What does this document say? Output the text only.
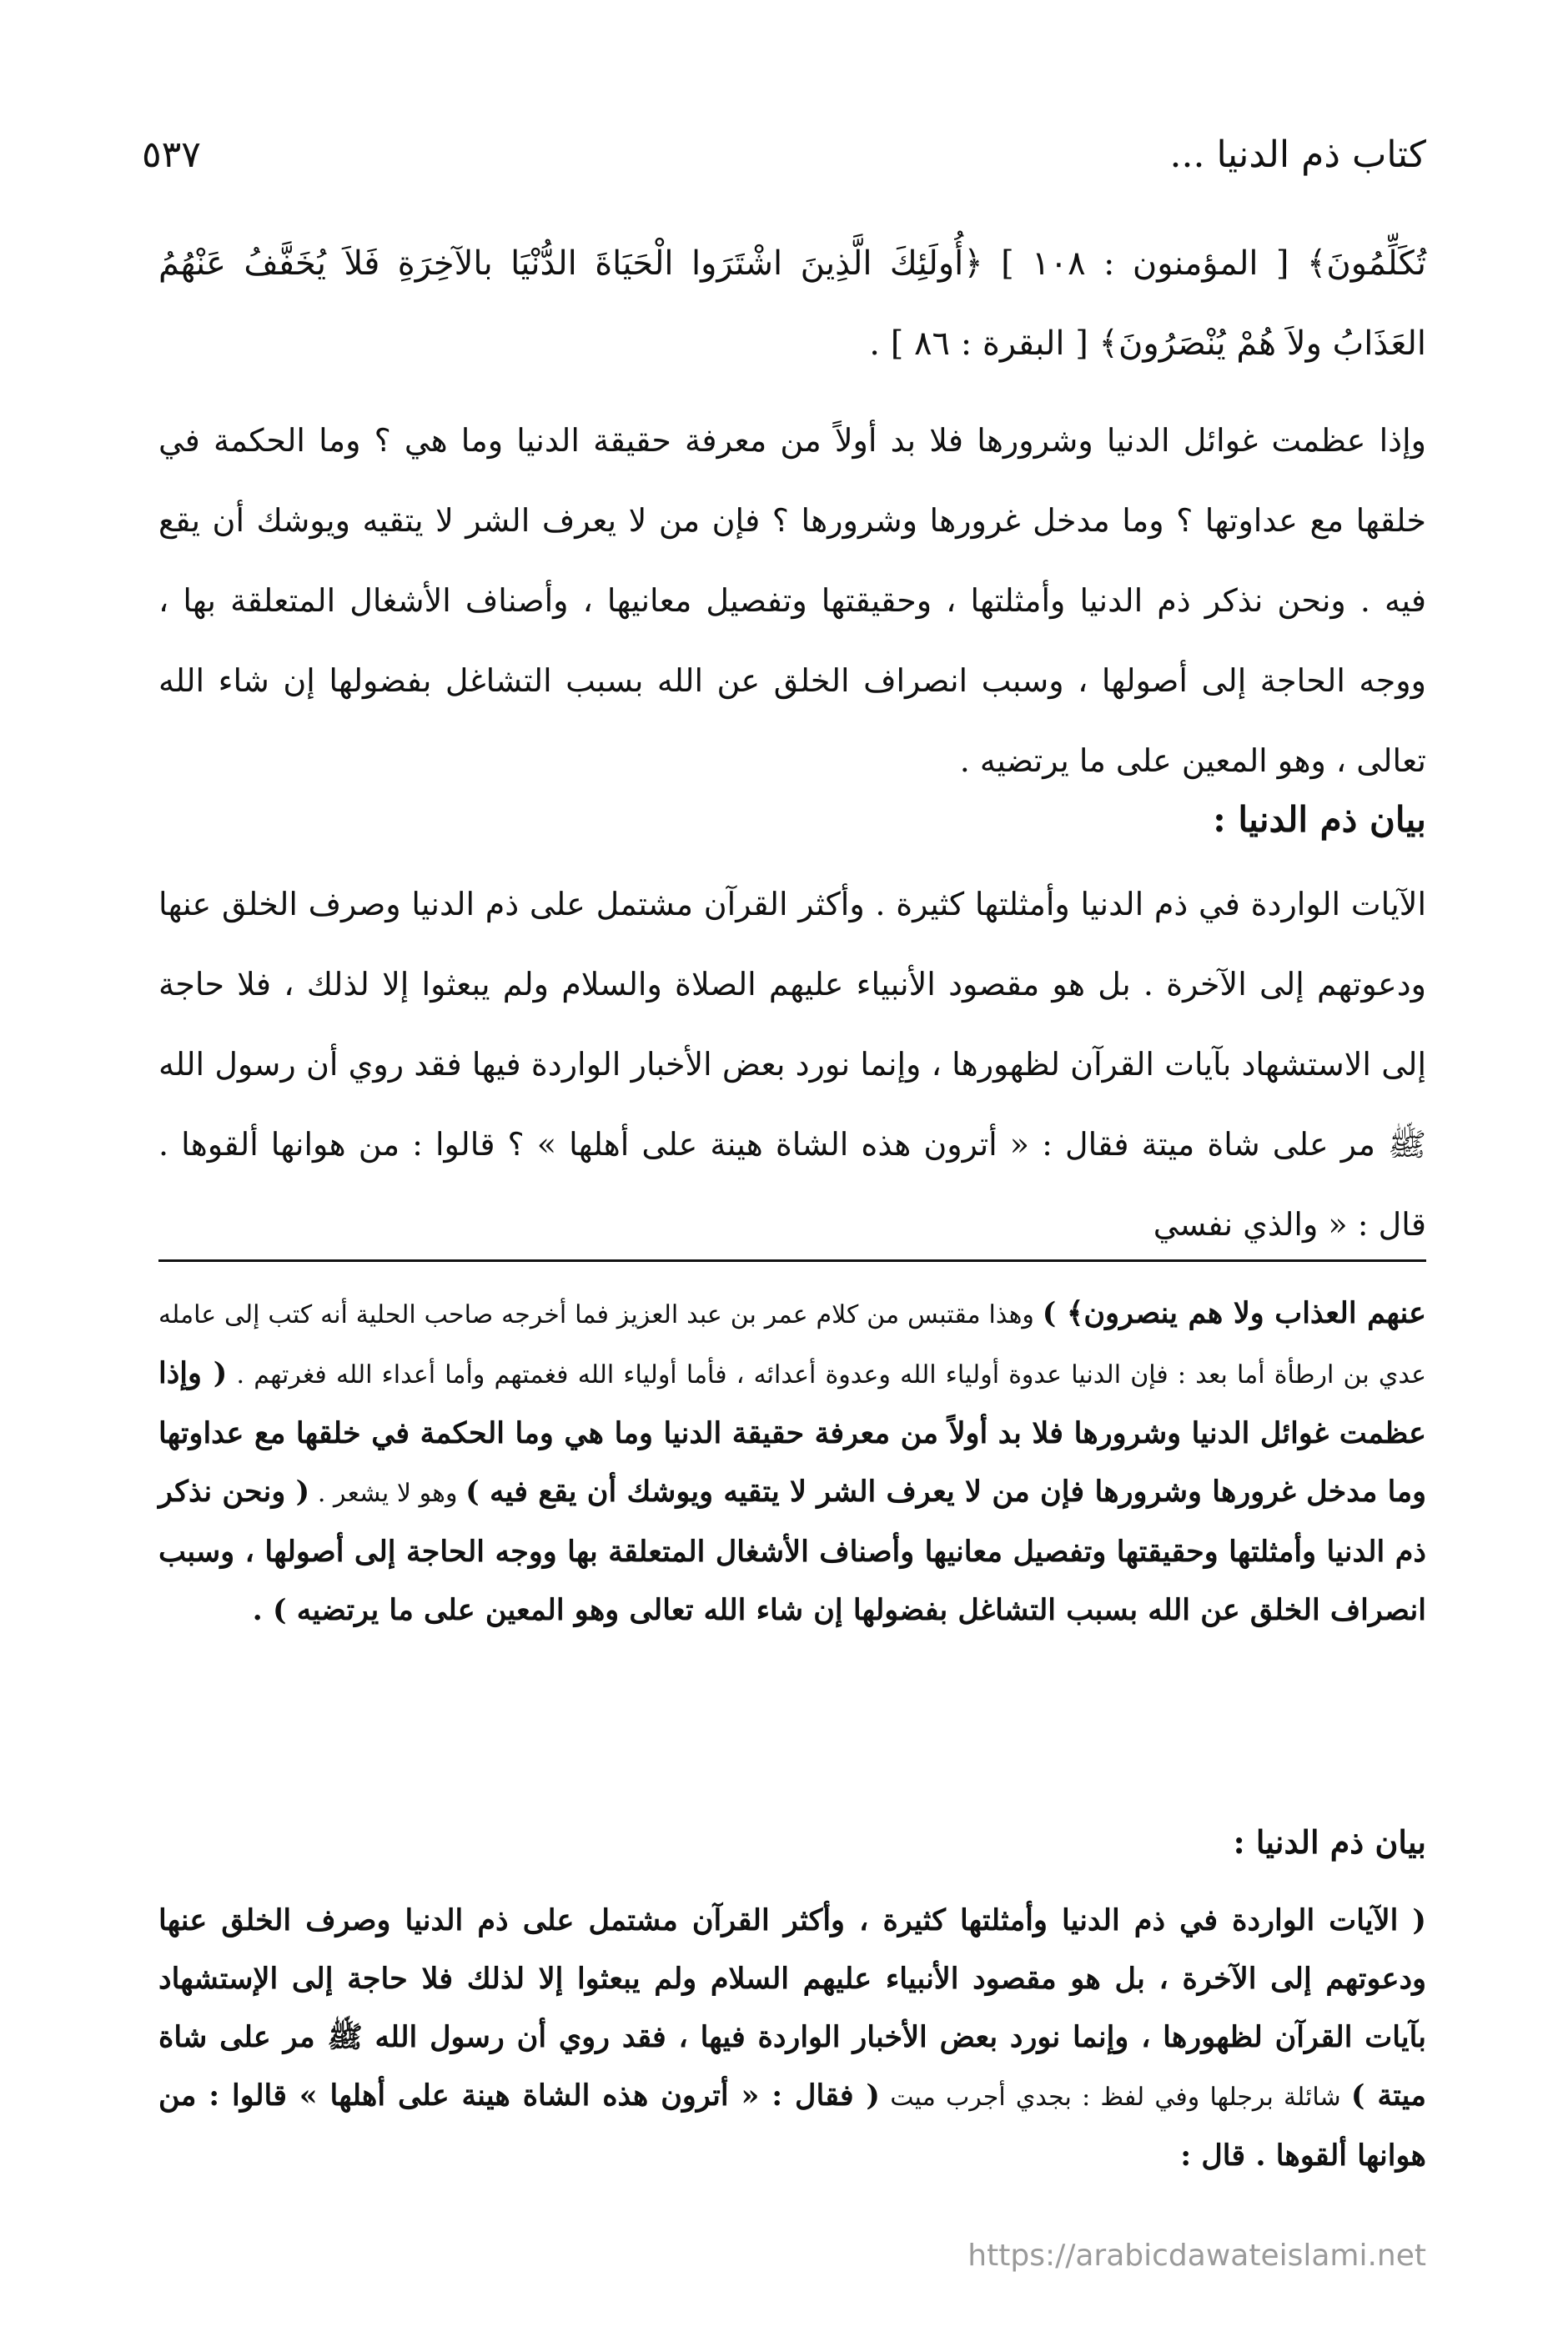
كتاب ذم الدنيا ...
٥٣٧

تُكَلِّمُونَ﴾ [ المؤمنون : ١٠٨ ] ﴿أُولَئِكَ الَّذِينَ اشْتَرَوا الْحَيَاةَ الدُّنْيَا بالآخِرَةِ فَلاَ يُخَفَّفُ عَنْهُمُ العَذَابُ ولاَ هُمْ يُنْصَرُونَ﴾ [ البقرة : ٨٦ ] .

وإذا عظمت غوائل الدنيا وشرورها فلا بد أولاً من معرفة حقيقة الدنيا وما هي ؟ وما الحكمة في خلقها مع عداوتها ؟ وما مدخل غرورها وشرورها ؟ فإن من لا يعرف الشر لا يتقيه ويوشك أن يقع فيه . ونحن نذكر ذم الدنيا وأمثلتها ، وحقيقتها وتفصيل معانيها ، وأصناف الأشغال المتعلقة بها ، ووجه الحاجة إلى أصولها ، وسبب انصراف الخلق عن الله بسبب التشاغل بفضولها إن شاء الله تعالى ، وهو المعين على ما يرتضيه .

بيان ذم الدنيا :

الآيات الواردة في ذم الدنيا وأمثلتها كثيرة . وأكثر القرآن مشتمل على ذم الدنيا وصرف الخلق عنها ودعوتهم إلى الآخرة . بل هو مقصود الأنبياء عليهم الصلاة والسلام ولم يبعثوا إلا لذلك ، فلا حاجة إلى الاستشهاد بآيات القرآن لظهورها ، وإنما نورد بعض الأخبار الواردة فيها فقد روي أن رسول الله ﷺ مر على شاة ميتة فقال : « أترون هذه الشاة هينة على أهلها » ؟ قالوا : من هوانها ألقوها . قال : « والذي نفسي

عنهم العذاب ولا هم ينصرون﴾ ) وهذا مقتبس من كلام عمر بن عبد العزيز فما أخرجه صاحب الحلية أنه كتب إلى عامله عدي بن ارطأة أما بعد : فإن الدنيا عدوة أولياء الله وعدوة أعدائه ، فأما أولياء الله فغمتهم وأما أعداء الله فغرتهم . ( وإذا عظمت غوائل الدنيا وشرورها فلا بد أولاً من معرفة حقيقة الدنيا وما هي وما الحكمة في خلقها مع عداوتها وما مدخل غرورها وشرورها فإن من لا يعرف الشر لا يتقيه ويوشك أن يقع فيه ) وهو لا يشعر . ( ونحن نذكر ذم الدنيا وأمثلتها وحقيقتها وتفصيل معانيها وأصناف الأشغال المتعلقة بها ووجه الحاجة إلى أصولها ، وسبب انصراف الخلق عن الله بسبب التشاغل بفضولها إن شاء الله تعالى وهو المعين على ما يرتضيه ) .

بيان ذم الدنيا :

( الآيات الواردة في ذم الدنيا وأمثلتها كثيرة ، وأكثر القرآن مشتمل على ذم الدنيا وصرف الخلق عنها ودعوتهم إلى الآخرة ، بل هو مقصود الأنبياء عليهم السلام ولم يبعثوا إلا لذلك فلا حاجة إلى الإستشهاد بآيات القرآن لظهورها ، وإنما نورد بعض الأخبار الواردة فيها ، فقد روي أن رسول الله ﷺ مر على شاة ميتة ) شائلة برجلها وفي لفظ : بجدي أجرب ميت ( فقال : « أترون هذه الشاة هينة على أهلها » قالوا : من هوانها ألقوها . قال :

https://arabicdawateislami.net
